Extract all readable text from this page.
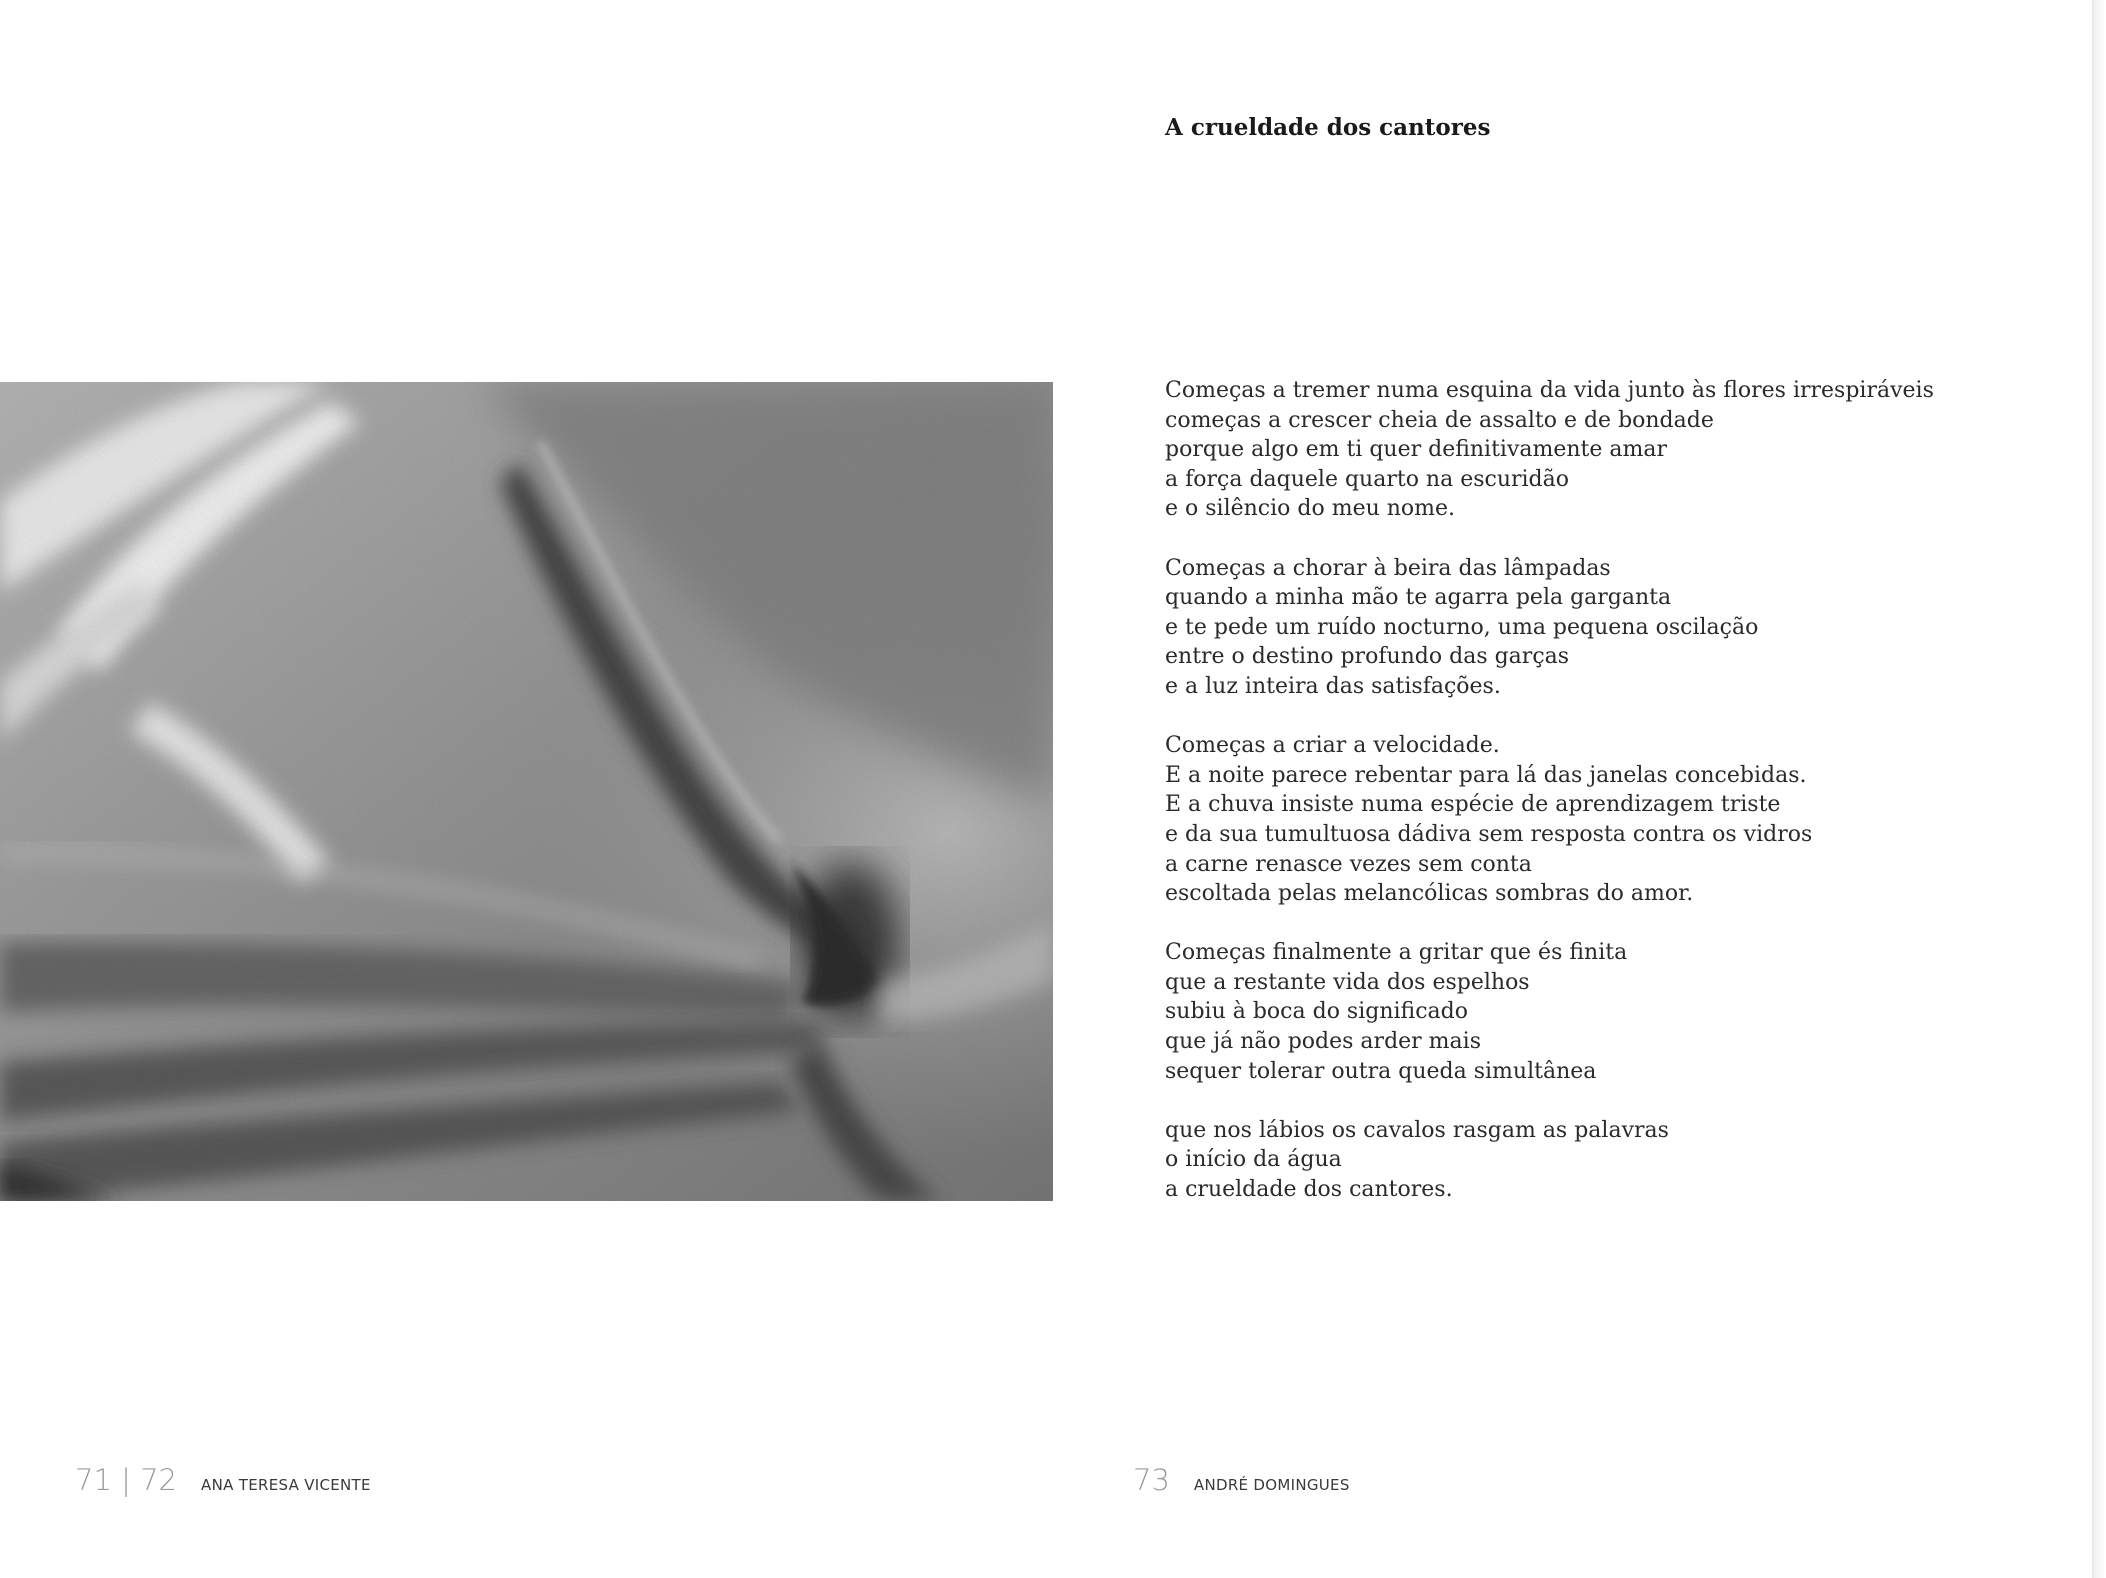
A crueldade dos cantores
Começas a tremer numa esquina da vida junto às flores irrespiráveis
começas a crescer cheia de assalto e de bondade
porque algo em ti quer definitivamente amar
a força daquele quarto na escuridão
e o silêncio do meu nome.
Começas a chorar à beira das lâmpadas
quando a minha mão te agarra pela garganta
e te pede um ruído nocturno, uma pequena oscilação
entre o destino profundo das garças
e a luz inteira das satisfações.
Começas a criar a velocidade.
E a noite parece rebentar para lá das janelas concebidas.
E a chuva insiste numa espécie de aprendizagem triste
e da sua tumultuosa dádiva sem resposta contra os vidros
a carne renasce vezes sem conta
escoltada pelas melancólicas sombras do amor.
Começas finalmente a gritar que és finita
que a restante vida dos espelhos
subiu à boca do significado
que já não podes arder mais
sequer tolerar outra queda simultânea
que nos lábios os cavalos rasgam as palavras
o início da água
a crueldade dos cantores.
71 | 72 ANA TERESA VICENTE	73 ANDRÉ DOMINGUES
